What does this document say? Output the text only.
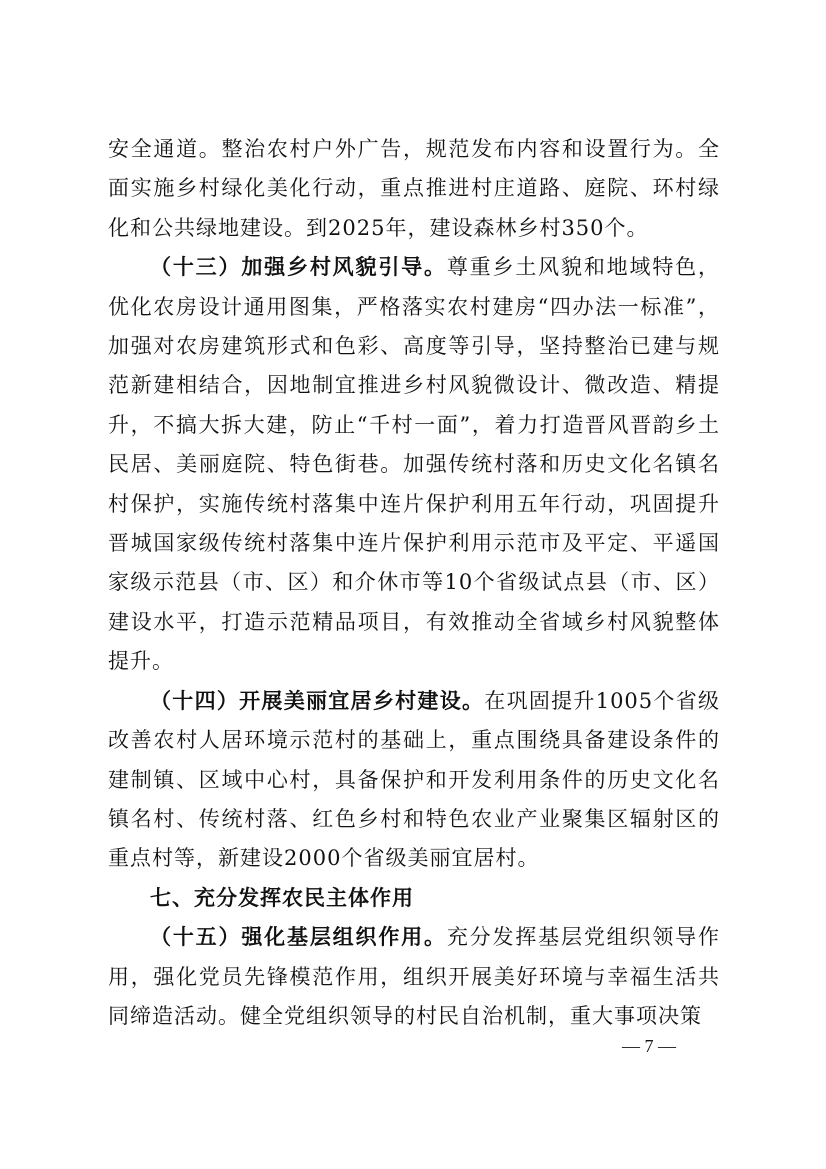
安全通道。整治农村户外广告，规范发布内容和设置行为。全面实施乡村绿化美化行动，重点推进村庄道路、庭院、环村绿化和公共绿地建设。到2025年，建设森林乡村350个。

（十三）加强乡村风貌引导。尊重乡土风貌和地域特色，优化农房设计通用图集，严格落实农村建房“四办法一标准”，加强对农房建筑形式和色彩、高度等引导，坚持整治已建与规范新建相结合，因地制宜推进乡村风貌微设计、微改造、精提升，不搞大拆大建，防止“千村一面”，着力打造晋风晋韵乡土民居、美丽庭院、特色街巷。加强传统村落和历史文化名镇名村保护，实施传统村落集中连片保护利用五年行动，巩固提升晋城国家级传统村落集中连片保护利用示范市及平定、平遥国家级示范县（市、区）和介休市等10个省级试点县（市、区）建设水平，打造示范精品项目，有效推动全省域乡村风貌整体提升。

（十四）开展美丽宜居乡村建设。在巩固提升1005个省级改善农村人居环境示范村的基础上，重点围绕具备建设条件的建制镇、区域中心村，具备保护和开发利用条件的历史文化名镇名村、传统村落、红色乡村和特色农业产业聚集区辐射区的重点村等，新建设2000个省级美丽宜居村。

七、充分发挥农民主体作用

（十五）强化基层组织作用。充分发挥基层党组织领导作用，强化党员先锋模范作用，组织开展美好环境与幸福生活共同缔造活动。健全党组织领导的村民自治机制，重大事项决策

— 7 —
